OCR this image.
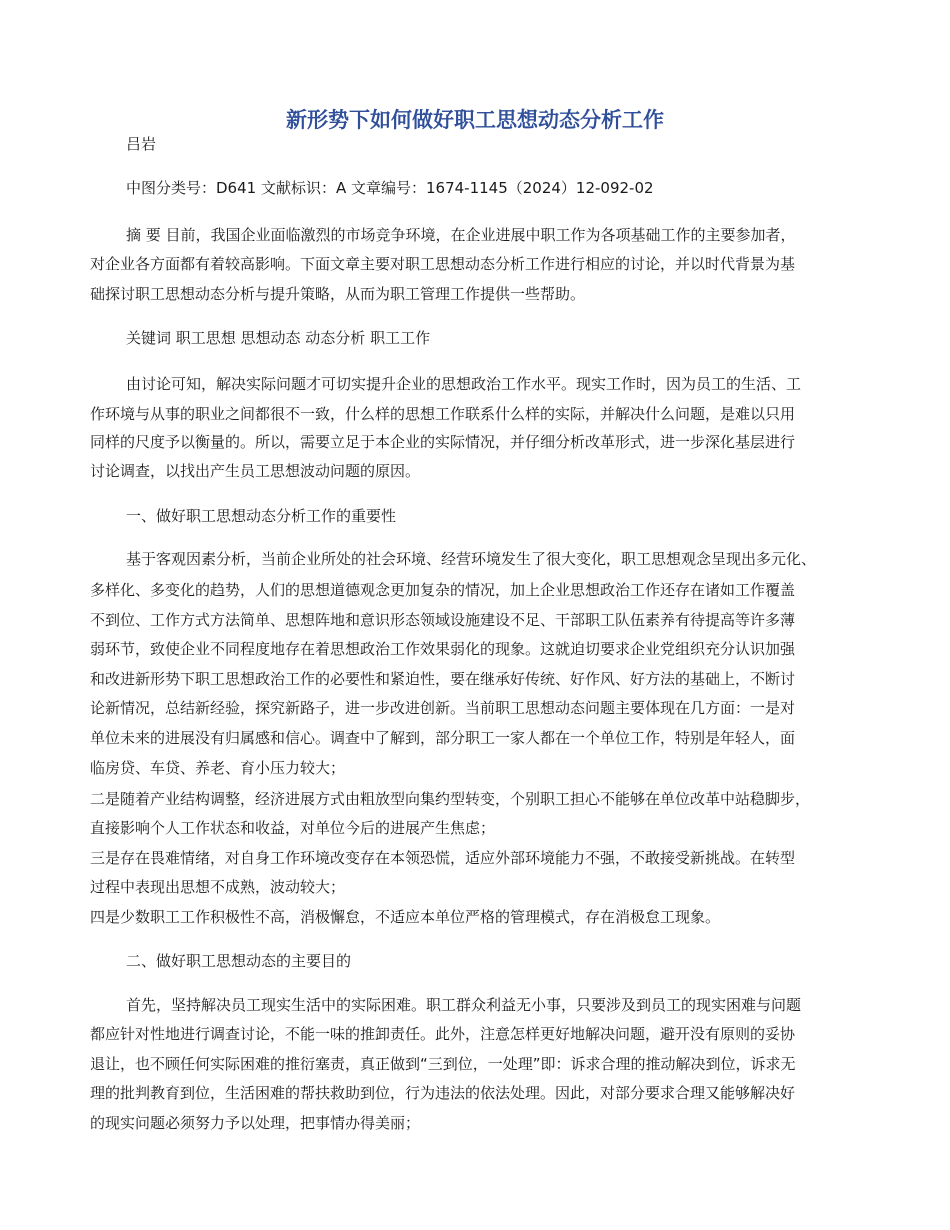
新形势下如何做好职工思想动态分析工作
吕岩
中图分类号：D641 文献标识：A 文章编号：1674-1145（2024）12-092-02
摘 要 目前，我国企业面临激烈的市场竞争环境，在企业进展中职工作为各项基础工作的主要参加者，
对企业各方面都有着较高影响。下面文章主要对职工思想动态分析工作进行相应的讨论，并以时代背景为基
础探讨职工思想动态分析与提升策略，从而为职工管理工作提供一些帮助。
关键词 职工思想 思想动态 动态分析 职工工作
由讨论可知，解决实际问题才可切实提升企业的思想政治工作水平。现实工作时，因为员工的生活、工
作环境与从事的职业之间都很不一致，什么样的思想工作联系什么样的实际，并解决什么问题，是难以只用
同样的尺度予以衡量的。所以，需要立足于本企业的实际情况，并仔细分析改革形式，进一步深化基层进行
讨论调查，以找出产生员工思想波动问题的原因。
一、做好职工思想动态分析工作的重要性
基于客观因素分析，当前企业所处的社会环境、经营环境发生了很大变化，职工思想观念呈现出多元化、
多样化、多变化的趋势，人们的思想道德观念更加复杂的情况，加上企业思想政治工作还存在诸如工作覆盖
不到位、工作方式方法简单、思想阵地和意识形态领域设施建设不足、干部职工队伍素养有待提高等许多薄
弱环节，致使企业不同程度地存在着思想政治工作效果弱化的现象。这就迫切要求企业党组织充分认识加强
和改进新形势下职工思想政治工作的必要性和紧迫性，要在继承好传统、好作风、好方法的基础上，不断讨
论新情况，总结新经验，探究新路子，进一步改进创新。当前职工思想动态问题主要体现在几方面：一是对
单位未来的进展没有归属感和信心。调查中了解到，部分职工一家人都在一个单位工作，特别是年轻人，面
临房贷、车贷、养老、育小压力较大；
二是随着产业结构调整，经济进展方式由粗放型向集约型转变，个别职工担心不能够在单位改革中站稳脚步，
直接影响个人工作状态和收益，对单位今后的进展产生焦虑；
三是存在畏难情绪，对自身工作环境改变存在本领恐慌，适应外部环境能力不强，不敢接受新挑战。在转型
过程中表现出思想不成熟，波动较大；
四是少数职工工作积极性不高，消极懈怠，不适应本单位严格的管理模式，存在消极怠工现象。
二、做好职工思想动态的主要目的
首先，坚持解决员工现实生活中的实际困难。职工群众利益无小事，只要涉及到员工的现实困难与问题
都应针对性地进行调查讨论，不能一味的推卸责任。此外，注意怎样更好地解决问题，避开没有原则的妥协
退让，也不顾任何实际困难的推衍塞责，真正做到“三到位，一处理”即：诉求合理的推动解决到位，诉求无
理的批判教育到位，生活困难的帮扶救助到位，行为违法的依法处理。因此，对部分要求合理又能够解决好
的现实问题必须努力予以处理，把事情办得美丽；
